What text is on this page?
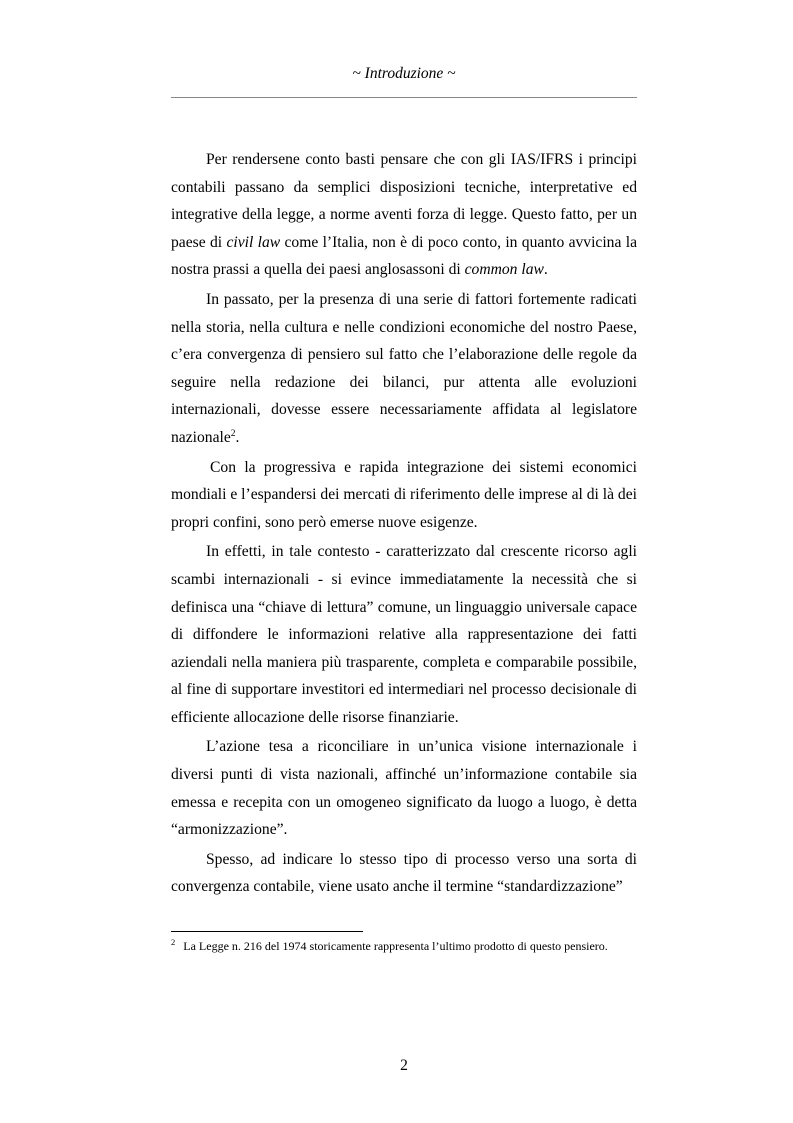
~ Introduzione ~

Per rendersene conto basti pensare che con gli IAS/IFRS i principi contabili passano da semplici disposizioni tecniche, interpretative ed integrative della legge, a norme aventi forza di legge. Questo fatto, per un paese di civil law come l’Italia, non è di poco conto, in quanto avvicina la nostra prassi a quella dei paesi anglosassoni di common law.

In passato, per la presenza di una serie di fattori fortemente radicati nella storia, nella cultura e nelle condizioni economiche del nostro Paese, c’era convergenza di pensiero sul fatto che l’elaborazione delle regole da seguire nella redazione dei bilanci, pur attenta alle evoluzioni internazionali, dovesse essere necessariamente affidata al legislatore nazionale$^2$.

Con la progressiva e rapida integrazione dei sistemi economici mondiali e l’espandersi dei mercati di riferimento delle imprese al di là dei propri confini, sono però emerse nuove esigenze.

In effetti, in tale contesto - caratterizzato dal crescente ricorso agli scambi internazionali - si evince immediatamente la necessità che si definisca una “chiave di lettura” comune, un linguaggio universale capace di diffondere le informazioni relative alla rappresentazione dei fatti aziendali nella maniera più trasparente, completa e comparabile possibile, al fine di supportare investitori ed intermediari nel processo decisionale di efficiente allocazione delle risorse finanziarie.

L’azione tesa a riconciliare in un’unica visione internazionale i diversi punti di vista nazionali, affinché un’informazione contabile sia emessa e recepita con un omogeneo significato da luogo a luogo, è detta “armonizzazione”.

Spesso, ad indicare lo stesso tipo di processo verso una sorta di convergenza contabile, viene usato anche il termine “standardizzazione”

$^2$ La Legge n. 216 del 1974 storicamente rappresenta l’ultimo prodotto di questo pensiero.
2
